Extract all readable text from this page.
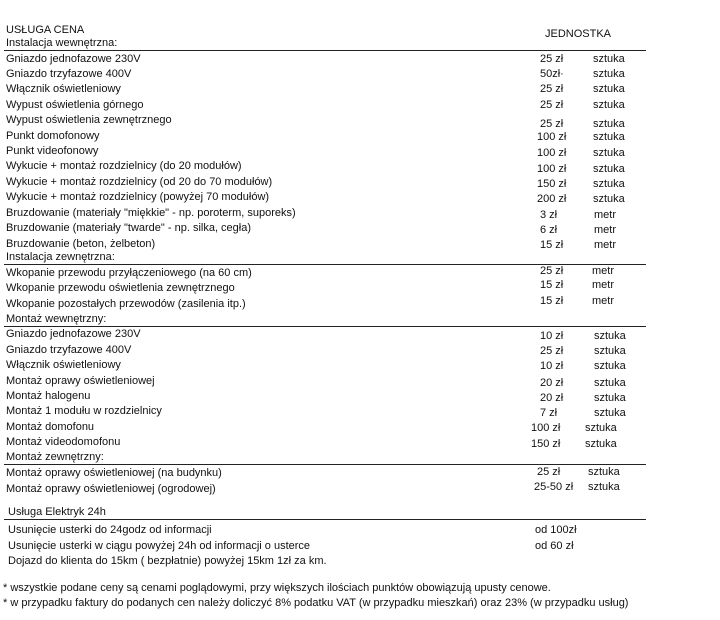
USŁUGA CENA	JEDNOSTKA
Instalacja wewnętrzna:
Gniazdo jednofazowe 230V	25 zł	sztuka
Gniazdo trzyfazowe 400V	50zł·	sztuka
Włącznik oświetleniowy	25 zł	sztuka
Wypust oświetlenia górnego	25 zł	sztuka
Wypust oświetlenia zewnętrznego	25 zł	sztuka
Punkt domofonowy	100 zł sztuka
Punkt videofonowy	100 zł sztuka
Wykucie + montaż rozdzielnicy (do 20 modułów)	100 zł sztuka
Wykucie + montaż rozdzielnicy (od 20 do 70 modułów)	150 zł sztuka
Wykucie + montaż rozdzielnicy (powyżej 70 modułów)	200 zł sztuka
Bruzdowanie (materiały "miękkie" - np. poroterm, suporeks)	3 zł	metr
Bruzdowanie (materiały "twarde" - np. silka, cegła)	6 zł	metr
Bruzdowanie (beton, żelbeton)	15 zł	metr
Instalacja zewnętrzna:
Wkopanie przewodu przyłączeniowego (na 60 cm)	25 zł	metr
Wkopanie przewodu oświetlenia zewnętrznego	15 zł	metr
Wkopanie pozostałych przewodów (zasilenia itp.)	15 zł	metr
Montaż wewnętrzny:
Gniazdo jednofazowe 230V	10 zł	sztuka
Gniazdo trzyfazowe 400V	25 zł	sztuka
Włącznik oświetleniowy	10 zł	sztuka
Montaż oprawy oświetleniowej	20 zł	sztuka
Montaż halogenu	20 zł	sztuka
Montaż 1 modułu w rozdzielnicy	7 zł	sztuka
Montaż domofonu	100 zł sztuka
Montaż videodomofonu	150 zł sztuka
Montaż zewnętrzny:
Montaż oprawy oświetleniowej (na budynku)	25 zł	sztuka
Montaż oprawy oświetleniowej (ogrodowej)	25-50 zł sztuka
Usługa Elektryk 24h
Usunięcie usterki do 24godz od informacji	od 100zł
Usunięcie usterki w ciągu powyżej 24h od informacji o usterce	od 60 zł
Dojazd do klienta do 15km ( bezpłatnie) powyżej 15km 1zł za km.
* wszystkie podane ceny są cenami poglądowymi, przy większych ilościach punktów obowiązują upusty cenowe.
* w przypadku faktury do podanych cen należy doliczyć 8% podatku VAT (w przypadku mieszkań) oraz 23% (w przypadku usług)
